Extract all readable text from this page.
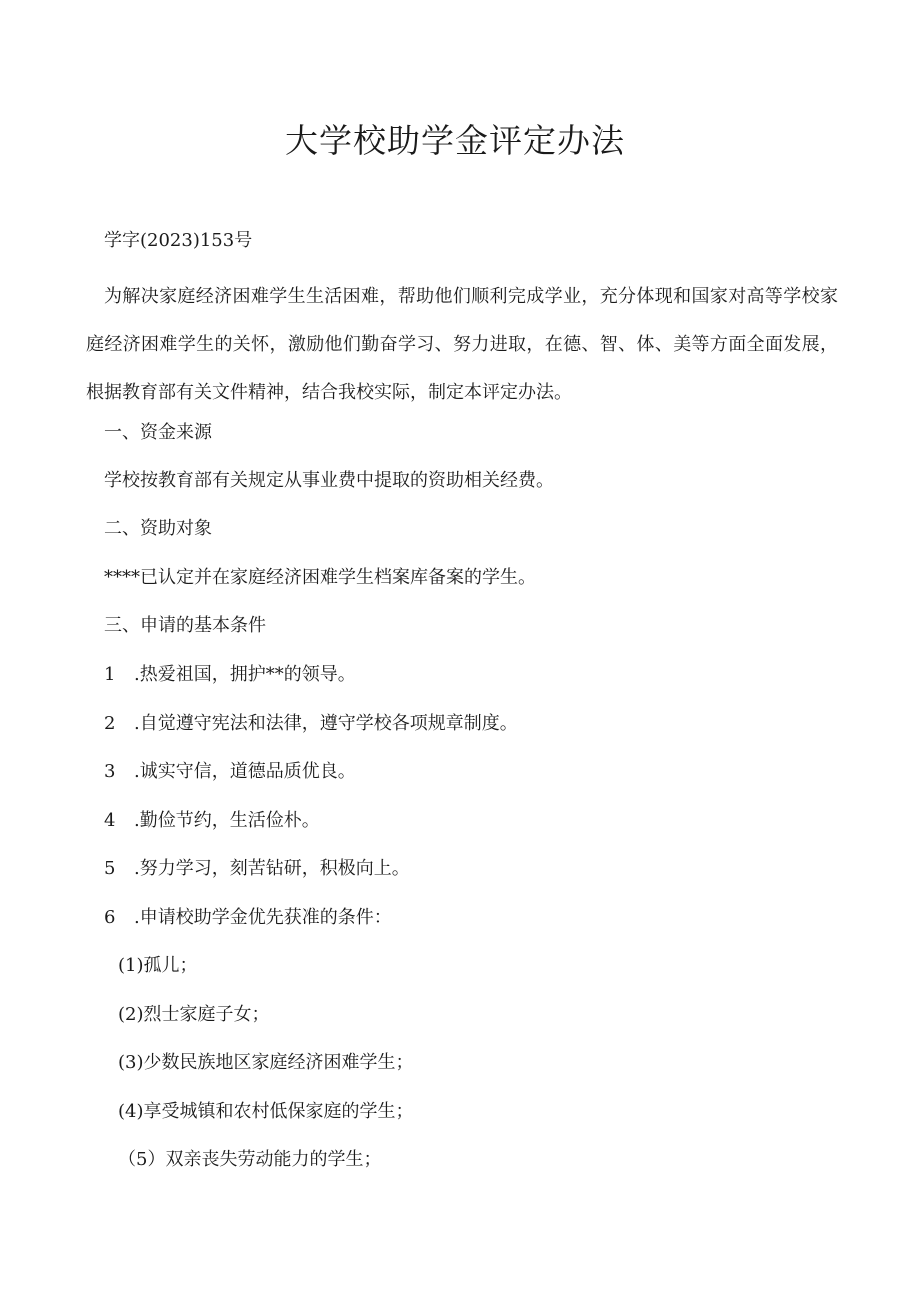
大学校助学金评定办法
学字(2023)153号

为解决家庭经济困难学生生活困难，帮助他们顺利完成学业，充分体现和国家对高等学校家庭经济困难学生的关怀，激励他们勤奋学习、努力进取，在德、智、体、美等方面全面发展，根据教育部有关文件精神，结合我校实际，制定本评定办法。

一、资金来源

学校按教育部有关规定从事业费中提取的资助相关经费。

二、资助对象

****已认定并在家庭经济困难学生档案库备案的学生。

三、申请的基本条件

1 .热爱祖国，拥护**的领导。

2 .自觉遵守宪法和法律，遵守学校各项规章制度。

3 .诚实守信，道德品质优良。

4 .勤俭节约，生活俭朴。

5 .努力学习，刻苦钻研，积极向上。

6 .申请校助学金优先获准的条件：

(1)孤儿；

(2)烈士家庭子女；

(3)少数民族地区家庭经济困难学生；

(4)享受城镇和农村低保家庭的学生；

（5）双亲丧失劳动能力的学生；
